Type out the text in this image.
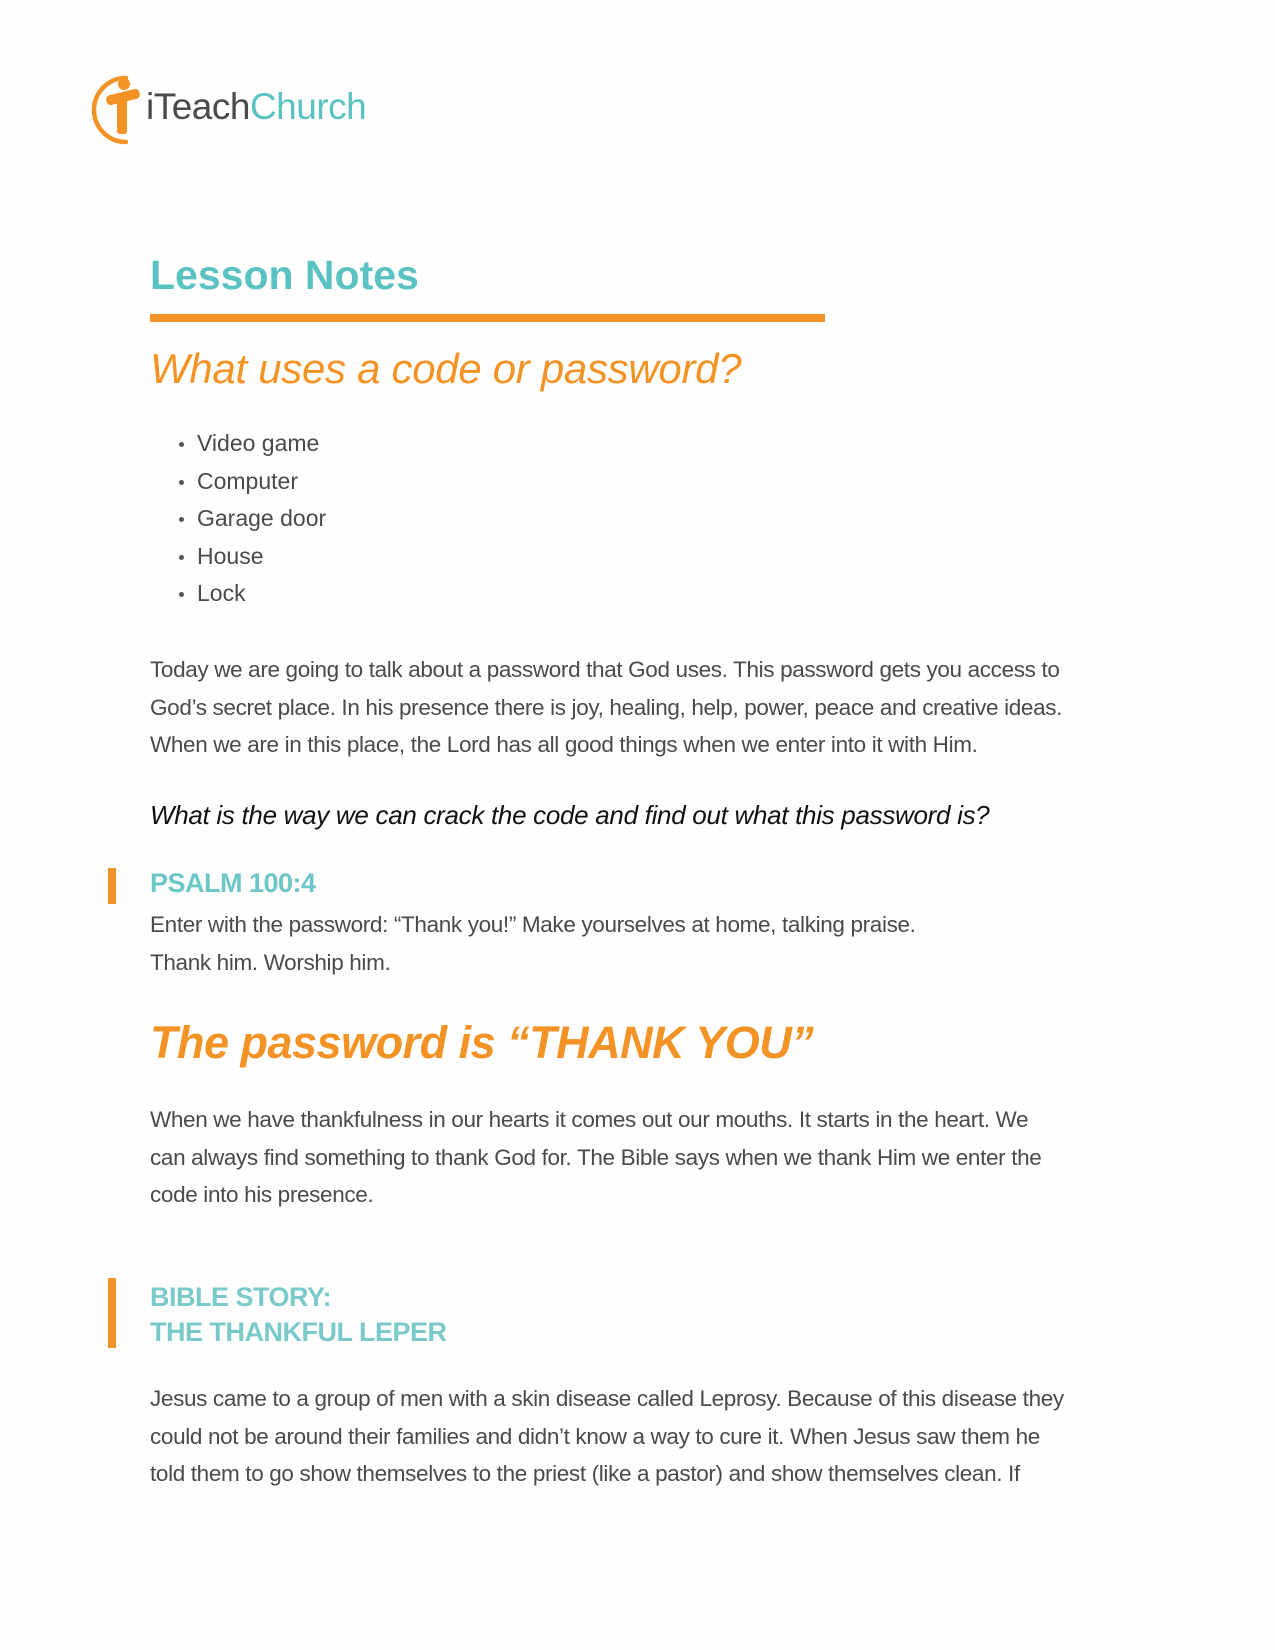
iTeachChurch
Lesson Notes
What uses a code or password?
Video game
Computer
Garage door
House
Lock

Today we are going to talk about a password that God uses. This password gets you access to
God’s secret place. In his presence there is joy, healing, help, power, peace and creative ideas.
When we are in this place, the Lord has all good things when we enter into it with Him.

What is the way we can crack the code and find out what this password is?

PSALM 100:4

Enter with the password: “Thank you!” Make yourselves at home, talking praise.
Thank him. Worship him.

The password is “THANK YOU”

When we have thankfulness in our hearts it comes out our mouths. It starts in the heart. We
can always find something to thank God for. The Bible says when we thank Him we enter the
code into his presence.

BIBLE STORY:
THE THANKFUL LEPER

Jesus came to a group of men with a skin disease called Leprosy. Because of this disease they
could not be around their families and didn’t know a way to cure it. When Jesus saw them he
told them to go show themselves to the priest (like a pastor) and show themselves clean. If
